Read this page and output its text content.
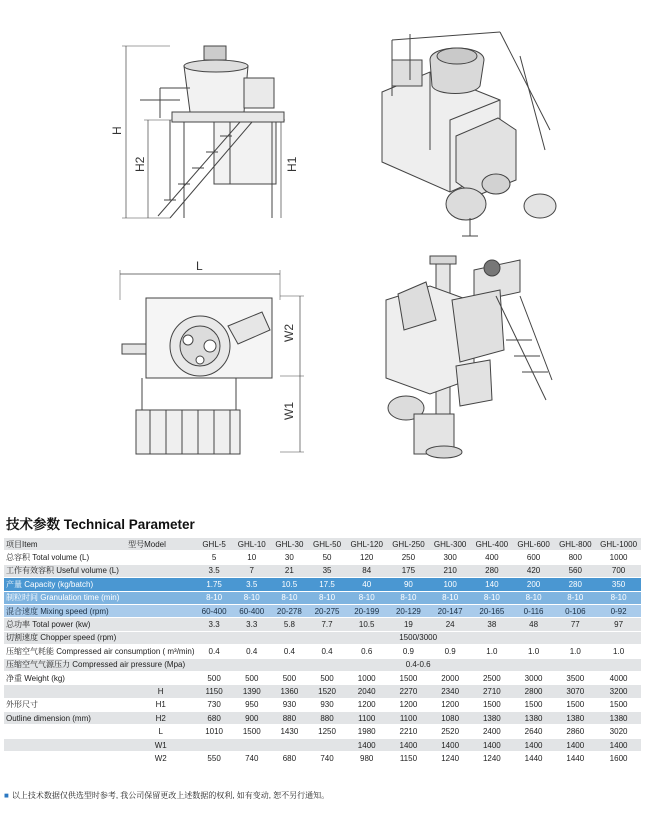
H
H2	H1
L
W2
W1
技术参数 Technical Parameter
项目Item	型号Model	GHL-5	GHL-10	GHL-30	GHL-50	GHL-120	GHL-250	GHL-300	GHL-400	GHL-600	GHL-800	GHL-1000
总容积 Total volume (L)		5	10	30	50	120	250	300	400	600	800	1000
工作有效容积 Useful volume (L)		3.5	7	21	35	84	175	210	280	420	560	700
产量 Capacity (kg/batch)		1.75	3.5	10.5	17.5	40	90	100	140	200	280	350
制粒时间 Granulation time (min)		8-10	8-10	8-10	8-10	8-10	8-10	8-10	8-10	8-10	8-10	8-10
混合速度 Mixing speed (rpm)		60-400	60-400	20-278	20-275	20-199	20-129	20-147	20-165	0-116	0-106	0-92
总功率 Total power (kw)		3.3	3.3	5.8	7.7	10.5	19	24	38	48	77	97
切割速度 Chopper speed (rpm)		1500/3000										
压缩空气耗能 Compressed air consumption ( m³/min)		0.4	0.4	0.4	0.4	0.6	0.9	0.9	1.0	1.0	1.0	1.0
压缩空气气源压力 Compressed air pressure (Mpa)		0.4-0.6										
净重 Weight (kg)		500	500	500	500	1000	1500	2000	2500	3000	3500	4000
	H	1150	1390	1360	1520	2040	2270	2340	2710	2800	3070	3200
外形尺寸	H1	730	950	930	930	1200	1200	1200	1500	1500	1500	1500
Outline dimension (mm)	H2	680	900	880	880	1100	1100	1080	1380	1380	1380	1380
	L	1010	1500	1430	1250	1980	2210	2520	2400	2640	2860	3020
	W1					1400	1400	1400	1400	1400	1400	1400
	W2	550	740	680	740	980	1150	1240	1240	1440	1440	1600
■ 以上技术数据仅供选型时参考, 我公司保留更改上述数据的权利, 如有变动, 恕不另行通知。
